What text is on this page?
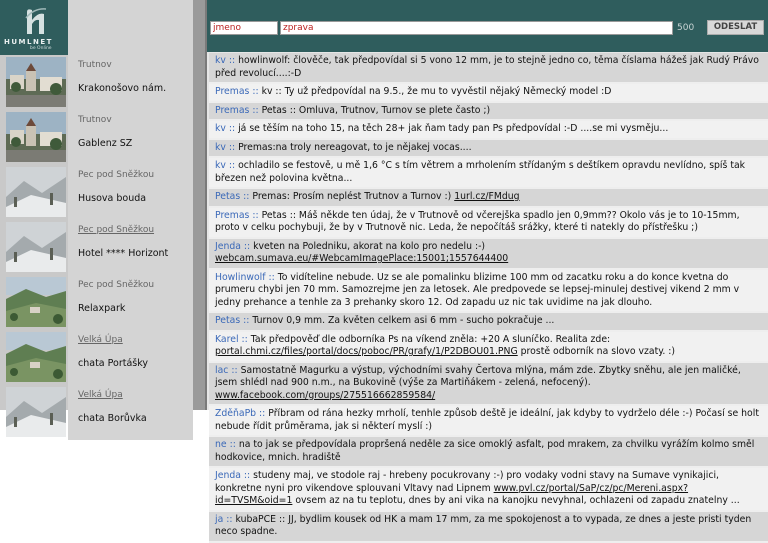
HUMLNET
be Online
Trutnov
Krakonošovo nám.
Trutnov
Gablenz SZ
Pec pod Sněžkou
Husova bouda
Pec pod Sněžkou
Hotel **** Horizont
Pec pod Sněžkou
Relaxpark
Velká Úpa
chata Portášky
Velká Úpa
chata Borůvka
jmeno
zprava
500	ODESLAT
kv :: howlinwolf: člověče, tak předpovídal si 5 vono 12 mm, je to stejně jedno co, těma číslama hážeš jak Rudý Právo před revolucí....:-D
Premas :: kv :: Ty už předpovídal na 9.5., že mu to vyvěstil nějaký Německý model :D
Premas :: Petas :: Omluva, Trutnov, Turnov se plete často ;)
kv :: já se těším na toho 15, na těch 28+ jak ňam tady pan Ps předpovídal :-D ....se mi vysměju...
kv :: Premas:na troly nereagovat, to je nějakej vocas....
kv :: ochladilo se festově, u mě 1,6 °C s tím větrem a mrholením střídaným s deštíkem opravdu nevlídno, spíš tak březen než polovina května...
Petas :: Premas: Prosím neplést Trutnov a Turnov :) 1url.cz/FMdug
Premas :: Petas :: Máš někde ten údaj, že v Trutnově od včerejška spadlo jen 0,9mm?? Okolo vás je to 10-15mm, proto v celku pochybuji, že by v Trutnově nic. Leda, že nepočítáš srážky, které ti natekly do přístřešku ;)
Jenda :: kveten na Poledniku, akorat na kolo pro nedelu :-) webcam.sumava.eu/#WebcamImagePlace:15001;1557644400
Howlinwolf :: To vidíteline nebude. Uz se ale pomalinku blizime 100 mm od zacatku roku a do konce kvetna do prumeru chybi jen 70 mm. Samozrejme jen za letosek. Ale predpovede se lepsej-minulej destivej vikend 2 mm v jedny prehance a tenhle za 3 prehanky skoro 12. Od zapadu uz nic tak uvidime na jak dlouho.
Petas :: Turnov 0,9 mm. Za květen celkem asi 6 mm - sucho pokračuje ...
Karel :: Tak předpověď dle odborníka Ps na víkend zněla: +20 A sluníčko. Realita zde: portal.chmi.cz/files/portal/docs/poboc/PR/grafy/1/P2DBOU01.PNG prostě odborník na slovo vzaty. :)
lac :: Samostatně Magurku a výstup, východními svahy Čertova mlýna, mám zde. Zbytky sněhu, ale jen maličké, jsem shlédl nad 900 n.m., na Bukovině (výše za Martiňákem - zelená, nefocený). www.facebook.com/groups/275516662859584/
ZděňaPb :: Příbram od rána hezky mrholí, tenhle způsob deště je ideální, jak kdyby to vydrželo déle :-) Počasí se holt nebude řídit průměrama, jak si některí myslí :)
ne :: na to jak se předpovídala propršená neděle za sice omoklý asfalt, pod mrakem, za chvilku vyrážím kolmo směl hodkovice, mnich. hradiště
Jenda :: studeny maj, ve stodole raj - hrebeny pocukrovany :-) pro vodaky vodni stavy na Sumave vynikajici, konkretne nyni pro vikendove splouvani Vltavy nad Lipnem www.pvl.cz/portal/SaP/cz/pc/Mereni.aspx?id=TVSM&oid=1 ovsem az na tu teplotu, dnes by ani vika na kanojku nevyhnal, ochlazeni od zapadu znatelny ...
ja :: kubaPCE :: JJ, bydlim kousek od HK a mam 17 mm, za me spokojenost a to vypada, ze dnes a jeste pristi tyden neco spadne.
